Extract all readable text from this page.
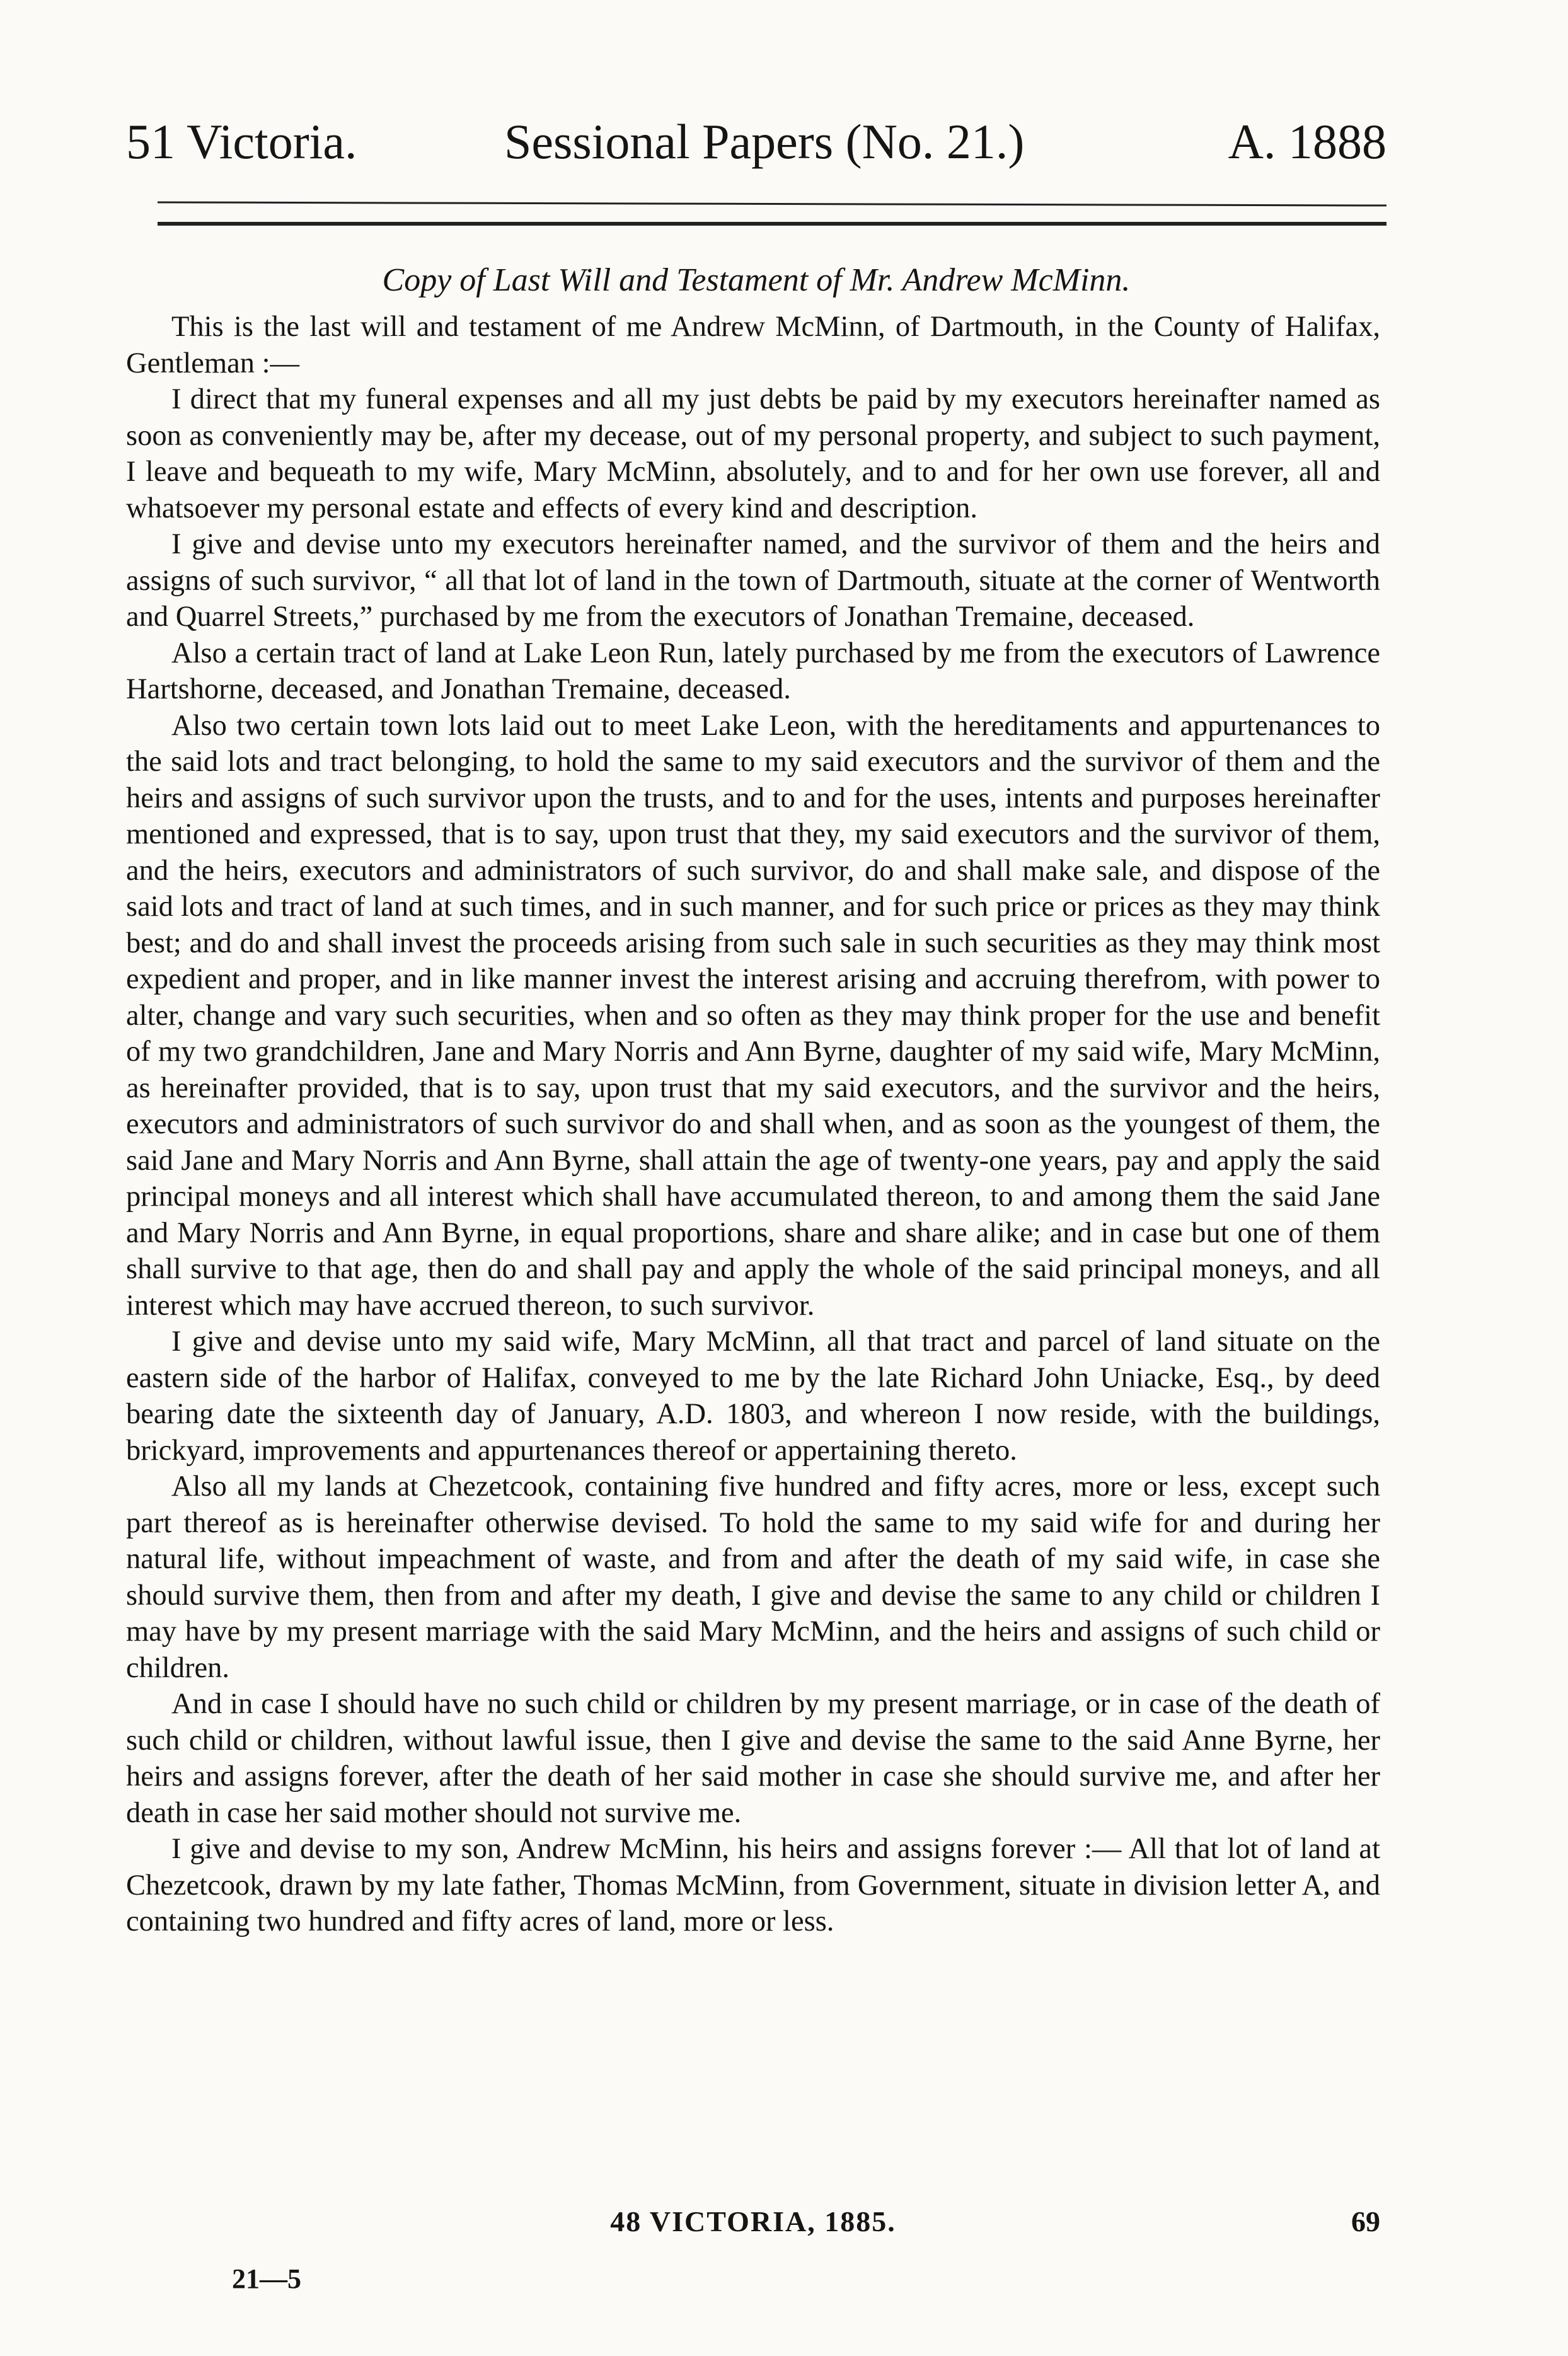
51 Victoria.	Sessional Papers (No. 21.)	A. 1888
Copy of Last Will and Testament of Mr. Andrew McMinn.

This is the last will and testament of me Andrew McMinn, of Dartmouth, in the County of Halifax, Gentleman :—

I direct that my funeral expenses and all my just debts be paid by my executors hereinafter named as soon as conveniently may be, after my decease, out of my personal property, and subject to such payment, I leave and bequeath to my wife, Mary McMinn, absolutely, and to and for her own use forever, all and whatsoever my personal estate and effects of every kind and description.

I give and devise unto my executors hereinafter named, and the survivor of them and the heirs and assigns of such survivor, “ all that lot of land in the town of Dartmouth, situate at the corner of Wentworth and Quarrel Streets,” purchased by me from the executors of Jonathan Tremaine, deceased.

Also a certain tract of land at Lake Leon Run, lately purchased by me from the executors of Lawrence Hartshorne, deceased, and Jonathan Tremaine, deceased.

Also two certain town lots laid out to meet Lake Leon, with the hereditaments and appurtenances to the said lots and tract belonging, to hold the same to my said executors and the survivor of them and the heirs and assigns of such survivor upon the trusts, and to and for the uses, intents and purposes hereinafter mentioned and expressed, that is to say, upon trust that they, my said executors and the survivor of them, and the heirs, executors and administrators of such survivor, do and shall make sale, and dispose of the said lots and tract of land at such times, and in such manner, and for such price or prices as they may think best; and do and shall invest the proceeds arising from such sale in such securities as they may think most expedient and proper, and in like manner invest the interest arising and accruing therefrom, with power to alter, change and vary such securities, when and so often as they may think proper for the use and benefit of my two grandchildren, Jane and Mary Norris and Ann Byrne, daughter of my said wife, Mary McMinn, as hereinafter provided, that is to say, upon trust that my said executors, and the survivor and the heirs, executors and administrators of such survivor do and shall when, and as soon as the youngest of them, the said Jane and Mary Norris and Ann Byrne, shall attain the age of twenty-one years, pay and apply the said principal moneys and all interest which shall have accumulated thereon, to and among them the said Jane and Mary Norris and Ann Byrne, in equal proportions, share and share alike; and in case but one of them shall survive to that age, then do and shall pay and apply the whole of the said principal moneys, and all interest which may have accrued thereon, to such survivor.

I give and devise unto my said wife, Mary McMinn, all that tract and parcel of land situate on the eastern side of the harbor of Halifax, conveyed to me by the late Richard John Uniacke, Esq., by deed bearing date the sixteenth day of January, A.D. 1803, and whereon I now reside, with the buildings, brickyard, improvements and appurtenances thereof or appertaining thereto.

Also all my lands at Chezetcook, containing five hundred and fifty acres, more or less, except such part thereof as is hereinafter otherwise devised. To hold the same to my said wife for and during her natural life, without impeachment of waste, and from and after the death of my said wife, in case she should survive them, then from and after my death, I give and devise the same to any child or children I may have by my present marriage with the said Mary McMinn, and the heirs and assigns of such child or children.

And in case I should have no such child or children by my present marriage, or in case of the death of such child or children, without lawful issue, then I give and devise the same to the said Anne Byrne, her heirs and assigns forever, after the death of her said mother in case she should survive me, and after her death in case her said mother should not survive me.

I give and devise to my son, Andrew McMinn, his heirs and assigns forever :— All that lot of land at Chezetcook, drawn by my late father, Thomas McMinn, from Government, situate in division letter A, and containing two hundred and fifty acres of land, more or less.

48 VICTORIA, 1885.	69
21—5
